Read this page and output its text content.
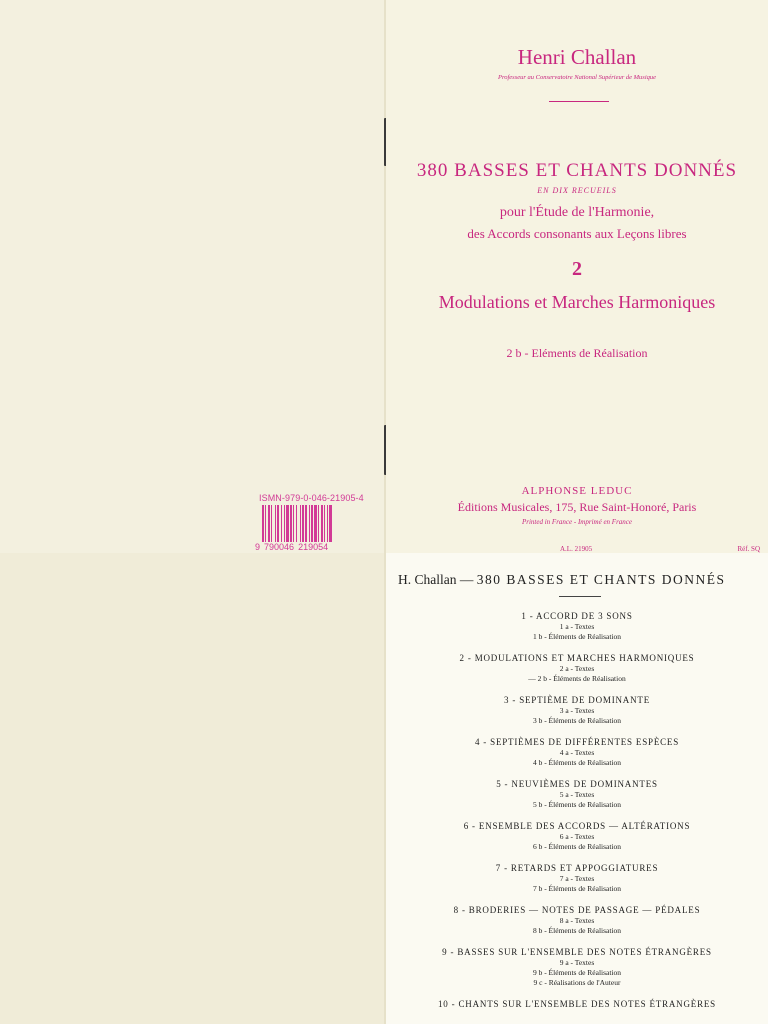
ISMN-979-0-046-21905-4
9 790046 219054
Henri Challan
Professeur au Conservatoire National Supérieur de Musique
380 BASSES ET CHANTS DONNÉS
EN DIX RECUEILS
pour l'Étude de l'Harmonie,
des Accords consonants aux Leçons libres
2
Modulations et Marches Harmoniques
2 b - Eléments de Réalisation
ALPHONSE LEDUC
Éditions Musicales, 175, Rue Saint-Honoré, Paris
Printed in France - Imprimé en France
A.L. 21905	Réf. SQ
H. Challan — 380 BASSES ET CHANTS DONNÉS
1 - ACCORD DE 3 SONS
1 a - Textes
1 b - Éléments de Réalisation
2 - MODULATIONS ET MARCHES HARMONIQUES
2 a - Textes
— 2 b - Éléments de Réalisation
3 - SEPTIÈME DE DOMINANTE
3 a - Textes
3 b - Éléments de Réalisation
4 - SEPTIÈMES DE DIFFÉRENTES ESPÈCES
4 a - Textes
4 b - Éléments de Réalisation
5 - NEUVIÈMES DE DOMINANTES
5 a - Textes
5 b - Éléments de Réalisation
6 - ENSEMBLE DES ACCORDS — ALTÉRATIONS
6 a - Textes
6 b - Éléments de Réalisation
7 - RETARDS ET APPOGGIATURES
7 a - Textes
7 b - Éléments de Réalisation
8 - BRODERIES — NOTES DE PASSAGE — PÉDALES
8 a - Textes
8 b - Éléments de Réalisation
9 - BASSES SUR L'ENSEMBLE DES NOTES ÉTRANGÈRES
9 a - Textes
9 b - Éléments de Réalisation
9 c - Réalisations de l'Auteur
10 - CHANTS SUR L'ENSEMBLE DES NOTES ÉTRANGÈRES
